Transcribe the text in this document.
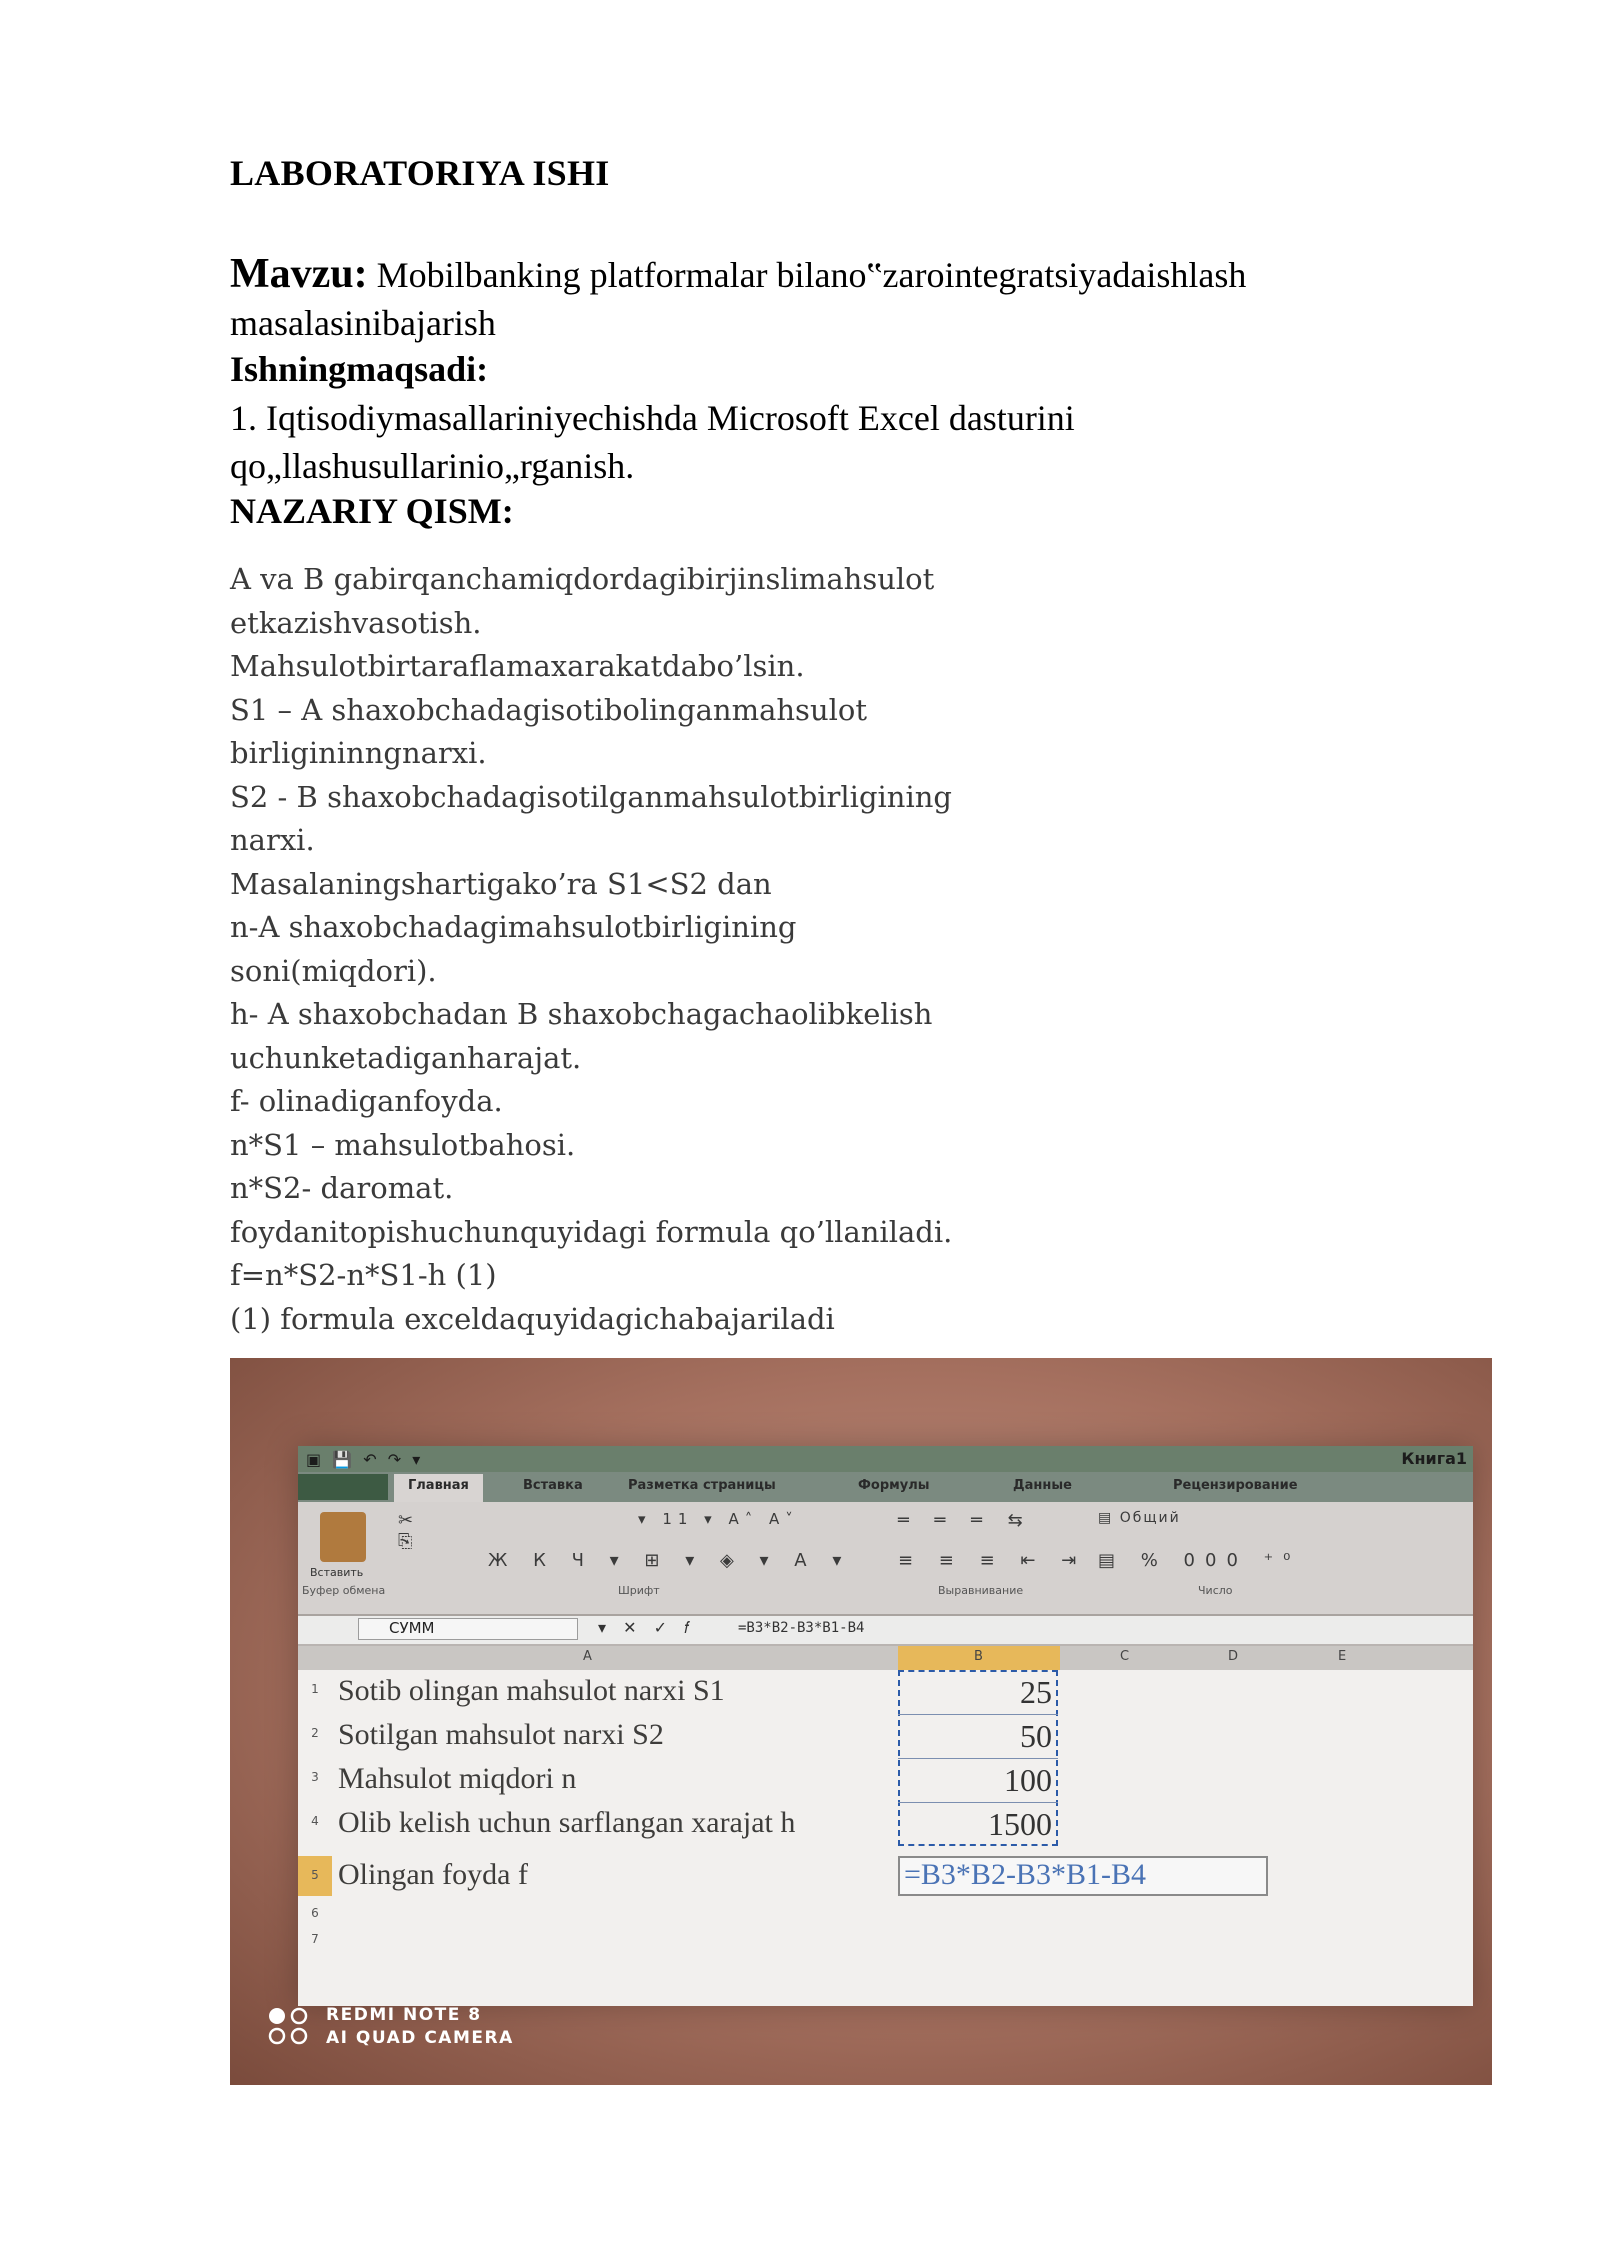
LABORATORIYA ISHI
Mavzu: Mobilbanking platformalar bilano‟zarointegratsiyadaishlash
masalasinibajarish
Ishningmaqsadi:
1. Iqtisodiymasallariniyechishda Microsoft Excel dasturini
qo„llashusullarinio„rganish.
NAZARIY QISM:
A va B gabirqanchamiqdordagibirjinslimahsulot
etkazishvasotish.
Mahsulotbirtaraflamaxarakatdabo’lsin.
S1 – A shaxobchadagisotibolinganmahsulot
birligininngnarxi.
S2 - B shaxobchadagisotilganmahsulotbirligining
narxi.
Masalaningshartigako’ra S1<S2 dan
n-A shaxobchadagimahsulotbirligining
soni(miqdori).
h- A shaxobchadan B shaxobchagachaolibkelish
uchunketadiganharajat.
f- olinadiganfoyda.
n*S1 – mahsulotbahosi.
n*S2- daromat.
foydanitopishuchunquyidagi formula qo’llaniladi.
f=n*S2-n*S1-h (1)
(1) formula exceldaquyidagichabajariladi
▣ 💾 ↶ ↷ ▾	Книга1
Главная	Вставка	Разметка страницы	Формулы	Данные	Рецензирование
Вставить
✂
⎘
▾ 11 ▾ A˄ A˅
Ж К Ч ▾ ⊞ ▾ ◈ ▾ A ▾
═ ═ ═ ⇆
≡ ≡ ≡ ⇤ ⇥
▤ Общий
▤ % 000 ⁺⁰
Буфер обмена	Шрифт	Выравнивание	Число
СУММ	▾ ✕ ✓ 𝑓	=B3*B2-B3*B1-B4
A	B	C	D	E
1
2
3
4
5
6
7
Sotib olingan mahsulot narxi S1
Sotilgan mahsulot narxi S2
Mahsulot miqdori n
Olib kelish uchun sarflangan xarajat h
Olingan foyda f
25
50
100
1500
=B3*B2-B3*B1-B4
REDMI NOTE 8
AI QUAD CAMERA
